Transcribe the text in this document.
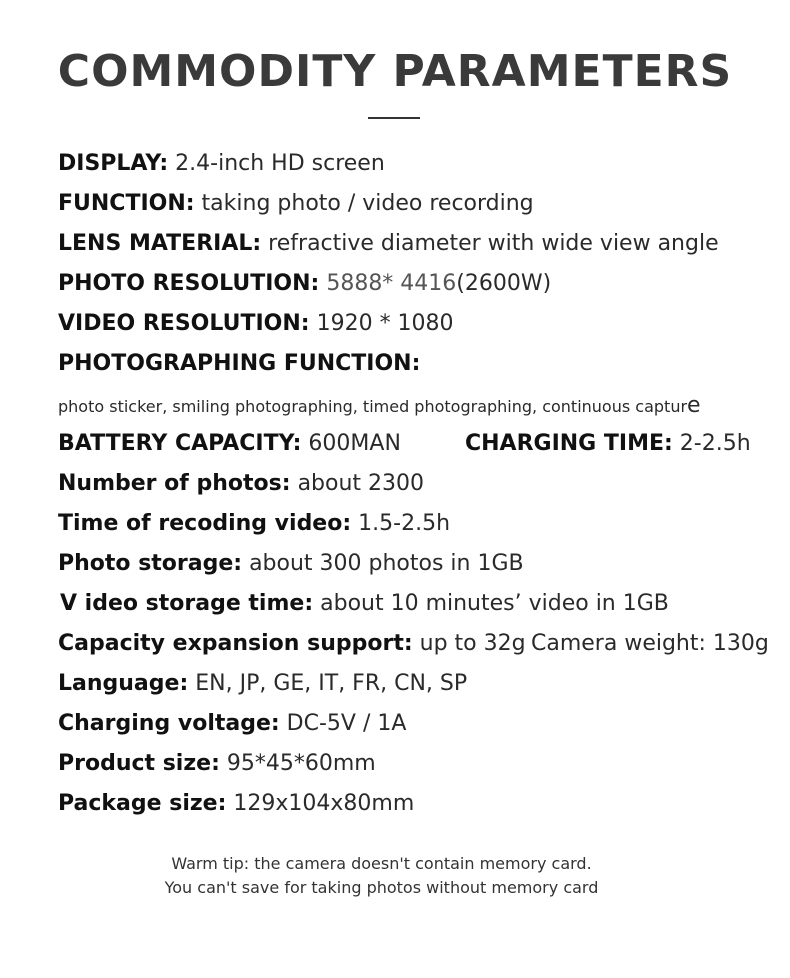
COMMODITY PARAMETERS
DISPLAY: 2.4-inch HD screen
FUNCTION: taking photo / video recording
LENS MATERIAL: refractive diameter with wide view angle
PHOTO RESOLUTION: 5888* 4416(2600W)
VIDEO RESOLUTION: 1920 * 1080
PHOTOGRAPHING FUNCTION:
photo sticker, smiling photographing, timed photographing, continuous capture
BATTERY CAPACITY: 600MAN	CHARGING TIME: 2-2.5h
Number of photos: about 2300
Time of recoding video: 1.5-2.5h
Photo storage: about 300 photos in 1GB
V ideo storage time: about 10 minutes’ video in 1GB
Capacity expansion support: up to 32g Camera weight: 130g
Language: EN, JP, GE, IT, FR, CN, SP
Charging voltage: DC-5V / 1A
Product size: 95*45*60mm
Package size: 129x104x80mm
Warm tip: the camera doesn't contain memory card.
You can't save for taking photos without memory card
